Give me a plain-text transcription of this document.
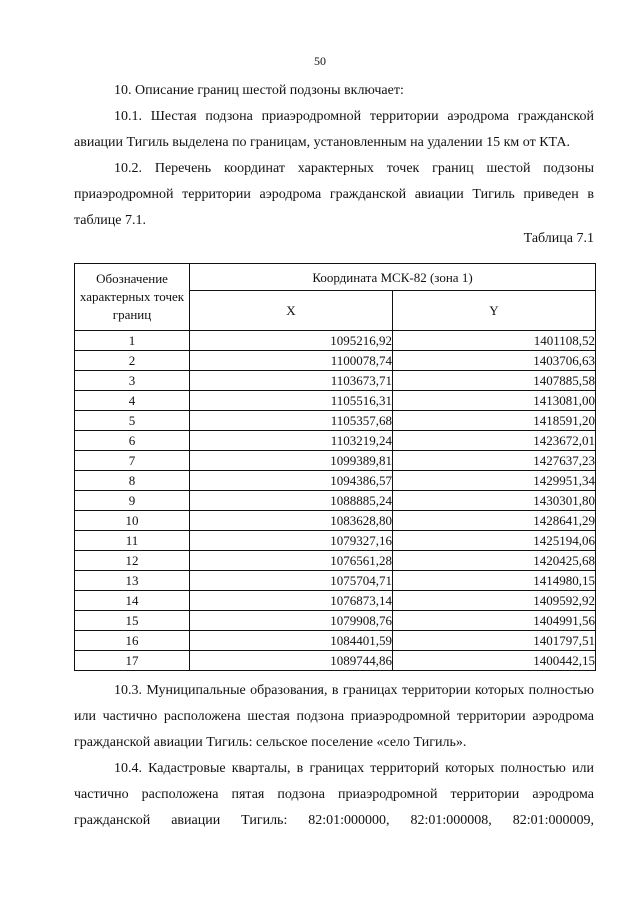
50

10. Описание границ шестой подзоны включает:

10.1. Шестая подзона приаэродромной территории аэродрома гражданской авиации Тигиль выделена по границам, установленным на удалении 15 км от КТА.

10.2. Перечень координат характерных точек границ шестой подзоны приаэродромной территории аэродрома гражданской авиации Тигиль приведен в таблице 7.1.

Таблица 7.1
Обозначение характерных точек границ	Координата МСК-82 (зона 1)	
	X	Y
1	1095216,92	1401108,52
2	1100078,74	1403706,63
3	1103673,71	1407885,58
4	1105516,31	1413081,00
5	1105357,68	1418591,20
6	1103219,24	1423672,01
7	1099389,81	1427637,23
8	1094386,57	1429951,34
9	1088885,24	1430301,80
10	1083628,80	1428641,29
11	1079327,16	1425194,06
12	1076561,28	1420425,68
13	1075704,71	1414980,15
14	1076873,14	1409592,92
15	1079908,76	1404991,56
16	1084401,59	1401797,51
17	1089744,86	1400442,15

10.3. Муниципальные образования, в границах территории которых полностью или частично расположена шестая подзона приаэродромной территории аэродрома гражданской авиации Тигиль: сельское поселение «село Тигиль».

10.4. Кадастровые кварталы, в границах территорий которых полностью или частично расположена пятая подзона приаэродромной территории аэродрома гражданской авиации Тигиль: 82:01:000000, 82:01:000008, 82:01:000009,
